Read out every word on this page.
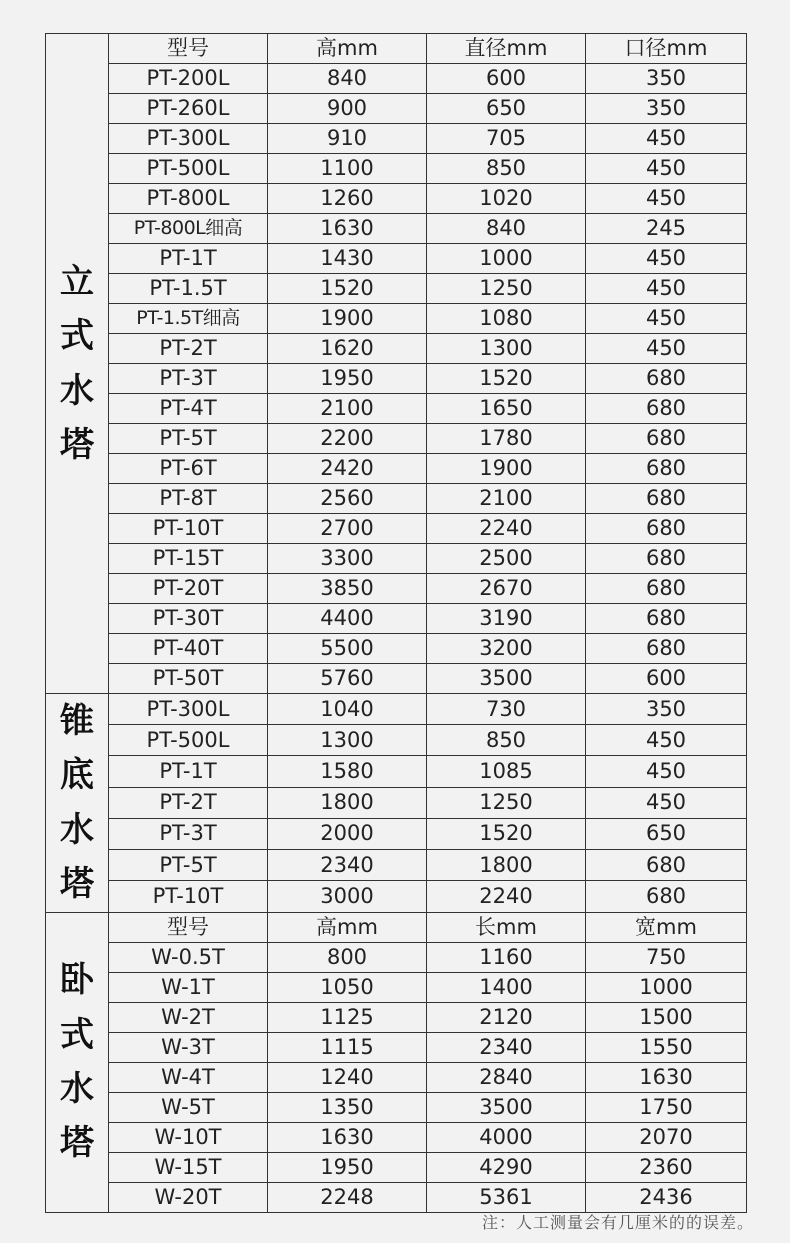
立
式
水
塔	型号	高mm	直径mm	口径mm
	PT-200L	840	600	350
	PT-260L	900	650	350
	PT-300L	910	705	450
	PT-500L	1100	850	450
	PT-800L	1260	1020	450
	PT-800L细高	1630	840	245
	PT-1T	1430	1000	450
	PT-1.5T	1520	1250	450
	PT-1.5T细高	1900	1080	450
	PT-2T	1620	1300	450
	PT-3T	1950	1520	680
	PT-4T	2100	1650	680
	PT-5T	2200	1780	680
	PT-6T	2420	1900	680
	PT-8T	2560	2100	680
	PT-10T	2700	2240	680
	PT-15T	3300	2500	680
	PT-20T	3850	2670	680
	PT-30T	4400	3190	680
	PT-40T	5500	3200	680
	PT-50T	5760	3500	600

锥
底
水
塔	PT-300L	1040	730	350
	PT-500L	1300	850	450
	PT-1T	1580	1085	450
	PT-2T	1800	1250	450
	PT-3T	2000	1520	650
	PT-5T	2340	1800	680
	PT-10T	3000	2240	680

卧
式
水
塔	型号	高mm	长mm	宽mm
	W-0.5T	800	1160	750
	W-1T	1050	1400	1000
	W-2T	1125	2120	1500
	W-3T	1115	2340	1550
	W-4T	1240	2840	1630
	W-5T	1350	3500	1750
	W-10T	1630	4000	2070
	W-15T	1950	4290	2360
	W-20T	2248	5361	2436
注：人工测量会有几厘米的的误差。
